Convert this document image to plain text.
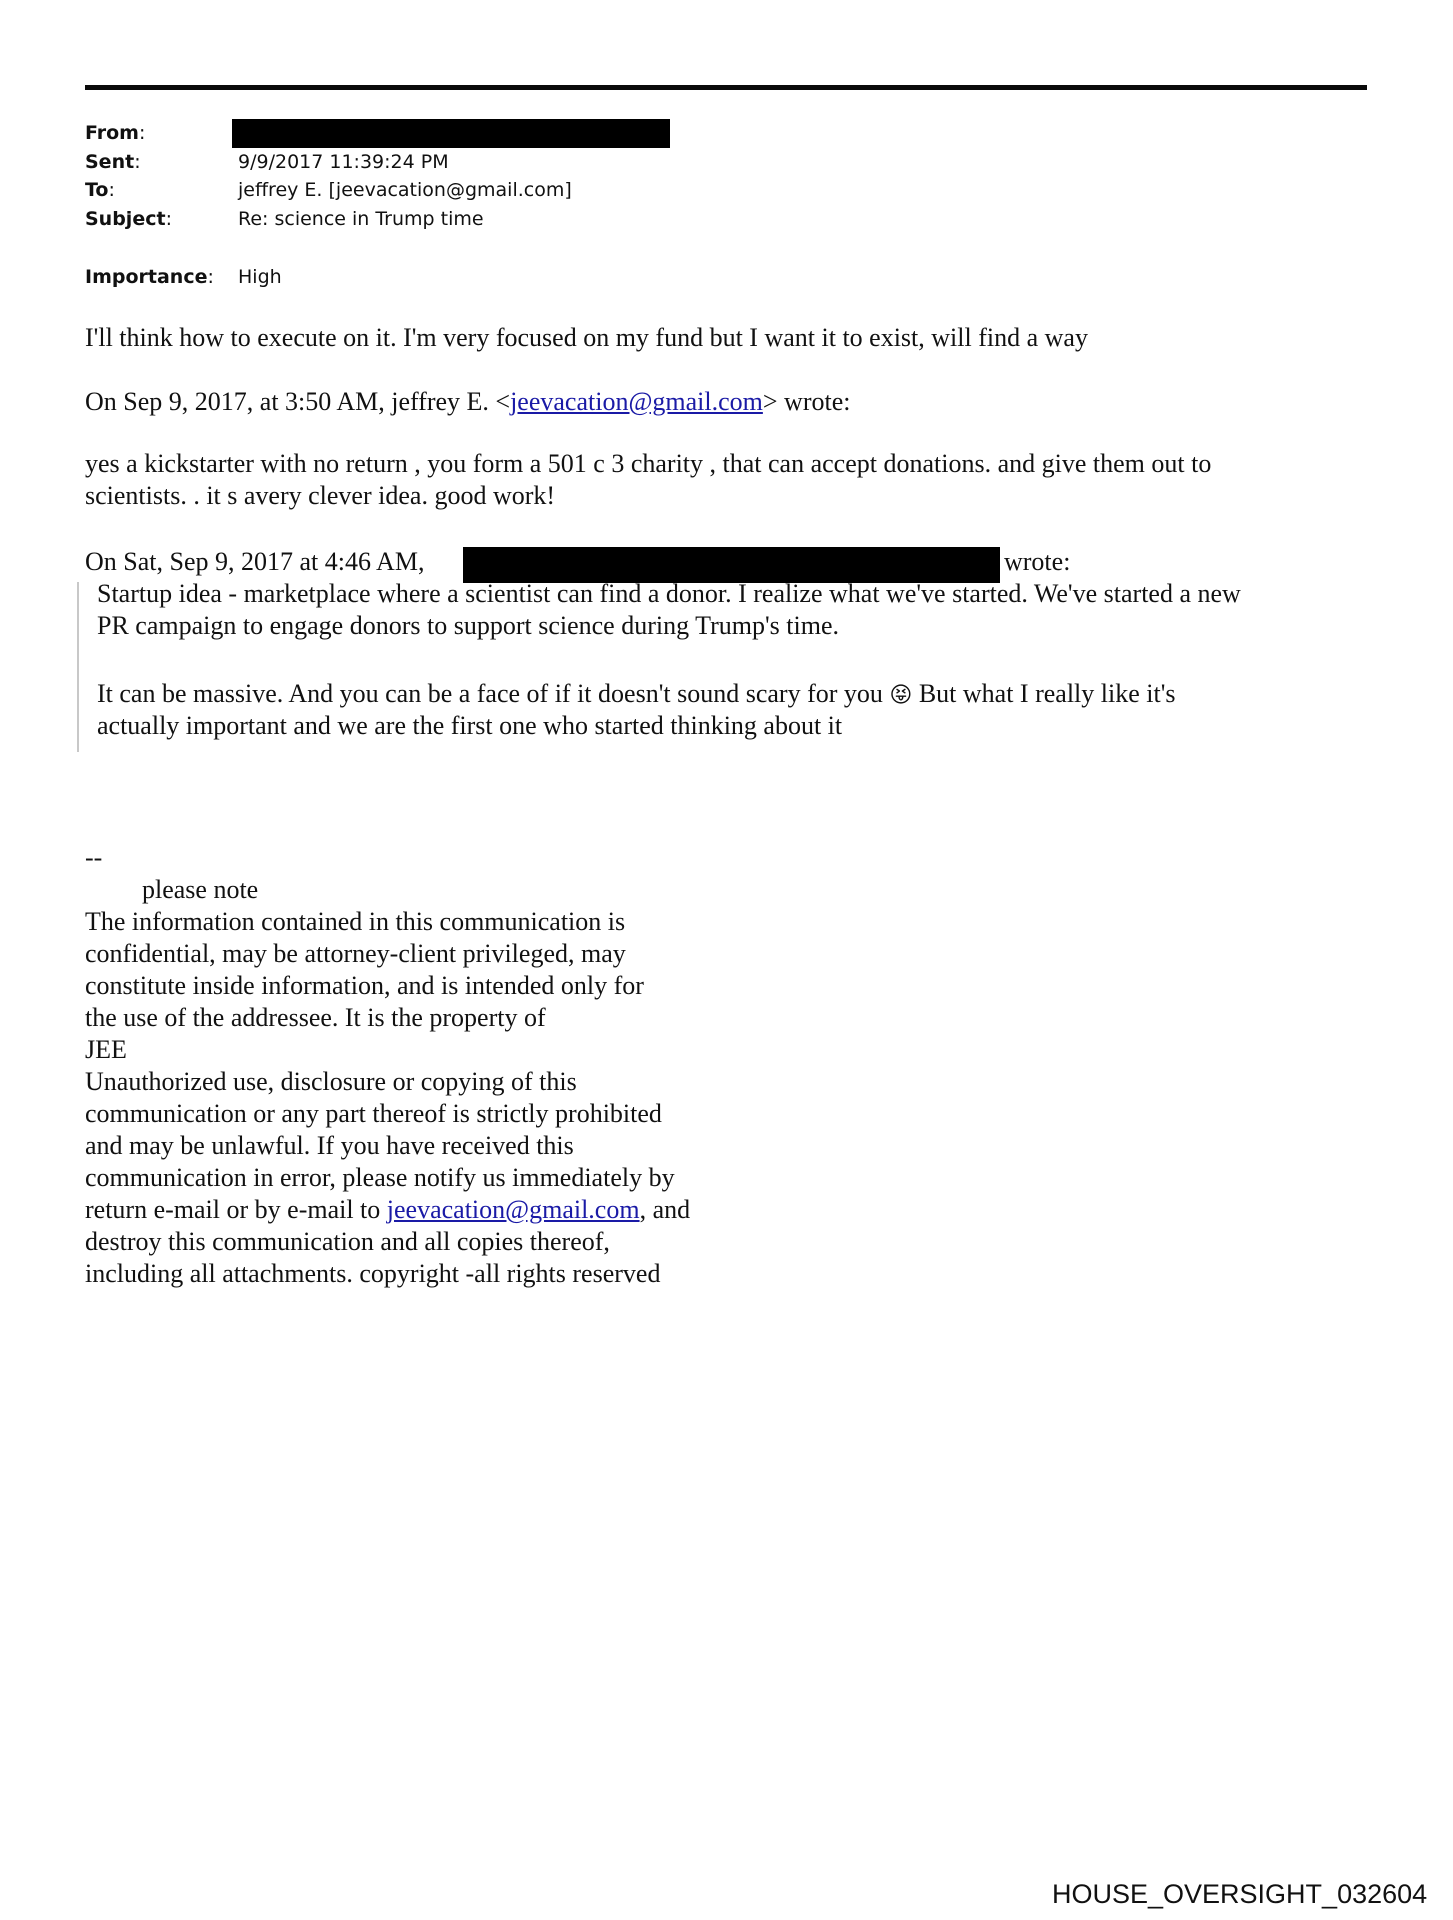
From:
Sent:	9/9/2017 11:39:24 PM
To:	jeffrey E. [jeevacation@gmail.com]
Subject:	Re: science in Trump time
Importance: High
I'll think how to execute on it. I'm very focused on my fund but I want it to exist, will find a way
On Sep 9, 2017, at 3:50 AM, jeffrey E. <jeevacation@gmail.com> wrote:
yes a kickstarter with no return , you form a 501 c 3 charity , that can accept donations. and give them out to
scientists. . it s avery clever idea. good work!
On Sat, Sep 9, 2017 at 4:46 AM,	wrote:
Startup idea - marketplace where a scientist can find a donor. I realize what we've started. We've started a new
PR campaign to engage donors to support science during Trump's time.
It can be massive. And you can be a face of if it doesn't sound scary for you 😝 But what I really like it's
actually important and we are the first one who started thinking about it
--
please note
The information contained in this communication is
confidential, may be attorney-client privileged, may
constitute inside information, and is intended only for
the use of the addressee. It is the property of
JEE
Unauthorized use, disclosure or copying of this
communication or any part thereof is strictly prohibited
and may be unlawful. If you have received this
communication in error, please notify us immediately by
return e-mail or by e-mail to jeevacation@gmail.com, and
destroy this communication and all copies thereof,
including all attachments. copyright -all rights reserved
HOUSE_OVERSIGHT_032604
